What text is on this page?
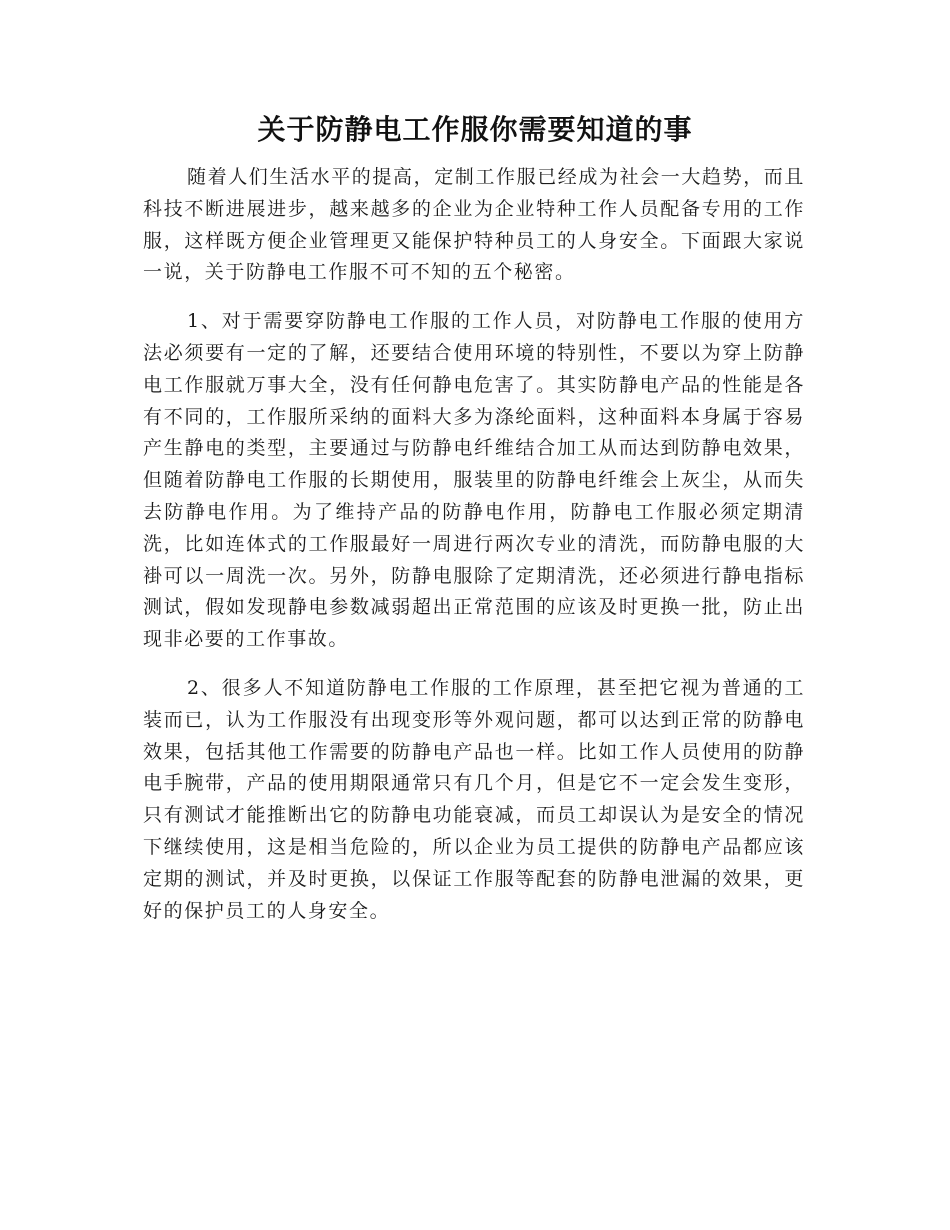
关于防静电工作服你需要知道的事

随着人们生活水平的提高，定制工作服已经成为社会一大趋势，而且科技不断进展进步，越来越多的企业为企业特种工作人员配备专用的工作服，这样既方便企业管理更又能保护特种员工的人身安全。下面跟大家说一说，关于防静电工作服不可不知的五个秘密。

1、对于需要穿防静电工作服的工作人员，对防静电工作服的使用方法必须要有一定的了解，还要结合使用环境的特别性，不要以为穿上防静电工作服就万事大全，没有任何静电危害了。其实防静电产品的性能是各有不同的，工作服所采纳的面料大多为涤纶面料，这种面料本身属于容易产生静电的类型，主要通过与防静电纤维结合加工从而达到防静电效果，但随着防静电工作服的长期使用，服装里的防静电纤维会上灰尘，从而失去防静电作用。为了维持产品的防静电作用，防静电工作服必须定期清洗，比如连体式的工作服最好一周进行两次专业的清洗，而防静电服的大褂可以一周洗一次。另外，防静电服除了定期清洗，还必须进行静电指标测试，假如发现静电参数减弱超出正常范围的应该及时更换一批，防止出现非必要的工作事故。

2、很多人不知道防静电工作服的工作原理，甚至把它视为普通的工装而已，认为工作服没有出现变形等外观问题，都可以达到正常的防静电效果，包括其他工作需要的防静电产品也一样。比如工作人员使用的防静电手腕带，产品的使用期限通常只有几个月，但是它不一定会发生变形，只有测试才能推断出它的防静电功能衰减，而员工却误认为是安全的情况下继续使用，这是相当危险的，所以企业为员工提供的防静电产品都应该定期的测试，并及时更换，以保证工作服等配套的防静电泄漏的效果，更好的保护员工的人身安全。
